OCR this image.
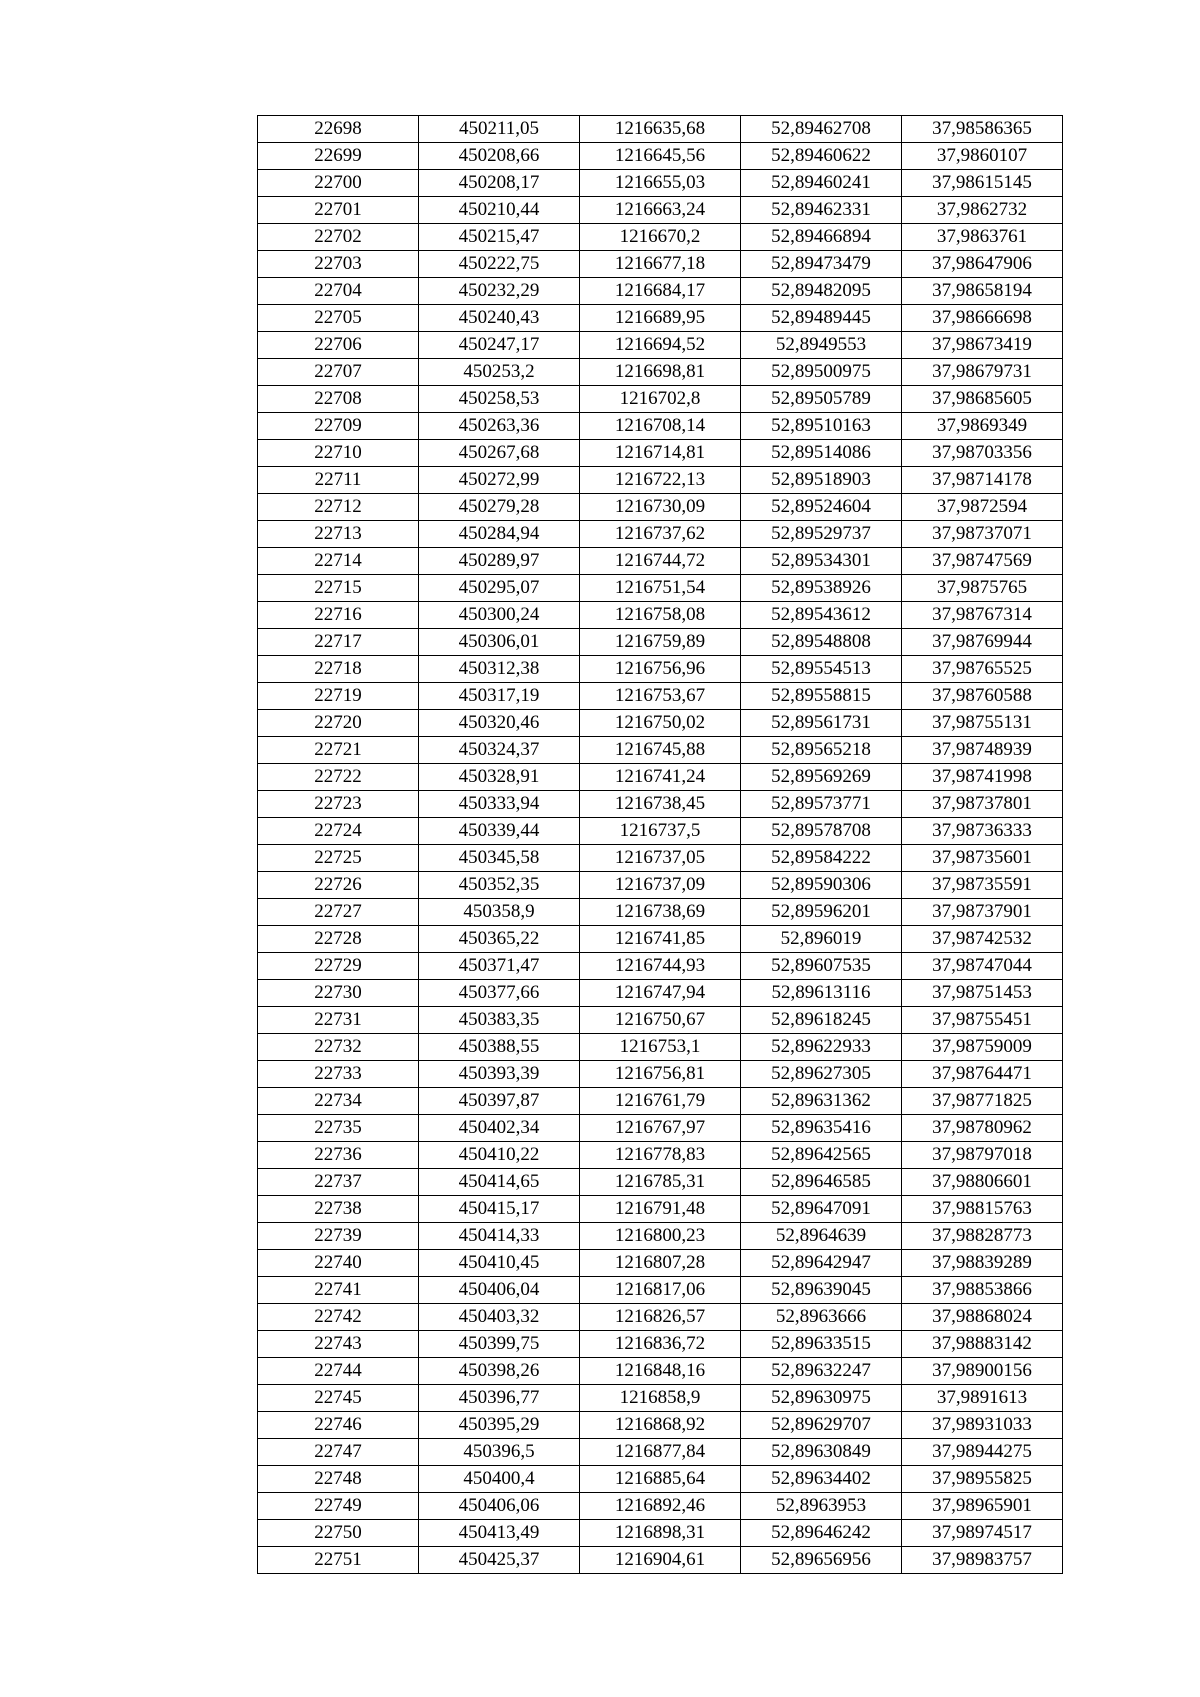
22698	450211,05	1216635,68	52,89462708	37,98586365
22699	450208,66	1216645,56	52,89460622	37,9860107
22700	450208,17	1216655,03	52,89460241	37,98615145
22701	450210,44	1216663,24	52,89462331	37,9862732
22702	450215,47	1216670,2	52,89466894	37,9863761
22703	450222,75	1216677,18	52,89473479	37,98647906
22704	450232,29	1216684,17	52,89482095	37,98658194
22705	450240,43	1216689,95	52,89489445	37,98666698
22706	450247,17	1216694,52	52,8949553	37,98673419
22707	450253,2	1216698,81	52,89500975	37,98679731
22708	450258,53	1216702,8	52,89505789	37,98685605
22709	450263,36	1216708,14	52,89510163	37,9869349
22710	450267,68	1216714,81	52,89514086	37,98703356
22711	450272,99	1216722,13	52,89518903	37,98714178
22712	450279,28	1216730,09	52,89524604	37,9872594
22713	450284,94	1216737,62	52,89529737	37,98737071
22714	450289,97	1216744,72	52,89534301	37,98747569
22715	450295,07	1216751,54	52,89538926	37,9875765
22716	450300,24	1216758,08	52,89543612	37,98767314
22717	450306,01	1216759,89	52,89548808	37,98769944
22718	450312,38	1216756,96	52,89554513	37,98765525
22719	450317,19	1216753,67	52,89558815	37,98760588
22720	450320,46	1216750,02	52,89561731	37,98755131
22721	450324,37	1216745,88	52,89565218	37,98748939
22722	450328,91	1216741,24	52,89569269	37,98741998
22723	450333,94	1216738,45	52,89573771	37,98737801
22724	450339,44	1216737,5	52,89578708	37,98736333
22725	450345,58	1216737,05	52,89584222	37,98735601
22726	450352,35	1216737,09	52,89590306	37,98735591
22727	450358,9	1216738,69	52,89596201	37,98737901
22728	450365,22	1216741,85	52,896019	37,98742532
22729	450371,47	1216744,93	52,89607535	37,98747044
22730	450377,66	1216747,94	52,89613116	37,98751453
22731	450383,35	1216750,67	52,89618245	37,98755451
22732	450388,55	1216753,1	52,89622933	37,98759009
22733	450393,39	1216756,81	52,89627305	37,98764471
22734	450397,87	1216761,79	52,89631362	37,98771825
22735	450402,34	1216767,97	52,89635416	37,98780962
22736	450410,22	1216778,83	52,89642565	37,98797018
22737	450414,65	1216785,31	52,89646585	37,98806601
22738	450415,17	1216791,48	52,89647091	37,98815763
22739	450414,33	1216800,23	52,8964639	37,98828773
22740	450410,45	1216807,28	52,89642947	37,98839289
22741	450406,04	1216817,06	52,89639045	37,98853866
22742	450403,32	1216826,57	52,8963666	37,98868024
22743	450399,75	1216836,72	52,89633515	37,98883142
22744	450398,26	1216848,16	52,89632247	37,98900156
22745	450396,77	1216858,9	52,89630975	37,9891613
22746	450395,29	1216868,92	52,89629707	37,98931033
22747	450396,5	1216877,84	52,89630849	37,98944275
22748	450400,4	1216885,64	52,89634402	37,98955825
22749	450406,06	1216892,46	52,8963953	37,98965901
22750	450413,49	1216898,31	52,89646242	37,98974517
22751	450425,37	1216904,61	52,89656956	37,98983757
